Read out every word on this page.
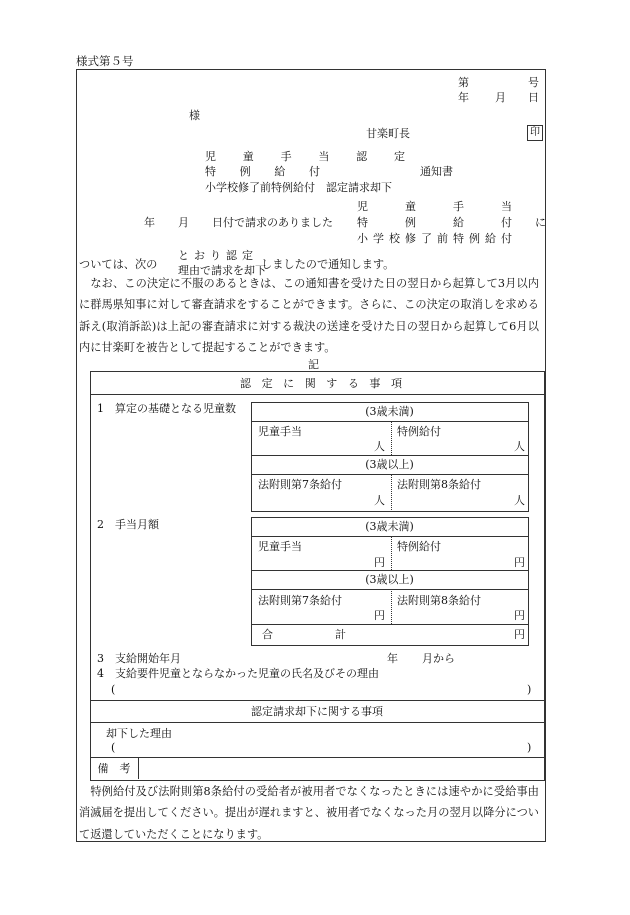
様式第５号
第	号
年 月 日
様
甘楽町長	印
児 童 手 当 認 定
特 例 給 付	通知書
小学校修了前特例給付　認定請求却下
児	童	手	当
年 月 日付で請求のありました 特	例	給	付 に
小 学 校 修 了 前 特 例 給 付
ついては、次の
と お り 認 定
理由で請求を却下
しましたので通知します。
　なお、この決定に不服のあるときは、この通知書を受けた日の翌日から起算して3月以内に群馬県知事に対して審査請求をすることができます。さらに、この決定の取消しを求める訴え(取消訴訟)は上記の審査請求に対する裁決の送達を受けた日の翌日から起算して6月以内に甘楽町を被告として提起することができます。
記
認 定 に 関 す る 事 項
1　算定の基礎となる児童数	(3歳未満)
児童手当	特例給付
人	人
(3歳以上)
法附則第7条給付	法附則第8条給付
人	人
2　手当月額	(3歳未満)
児童手当	特例給付
円	円
(3歳以上)
法附則第7条給付	法附則第8条給付
円	円
合	計	円
3　支給開始年月	年 月から
4　支給要件児童とならなかった児童の氏名及びその理由
(	)
認定請求却下に関する事項
却下した理由
(	)
備　考
　特例給付及び法附則第8条給付の受給者が被用者でなくなったときには速やかに受給事由消滅届を提出してください。提出が遅れますと、被用者でなくなった月の翌月以降分について返還していただくことになります。
